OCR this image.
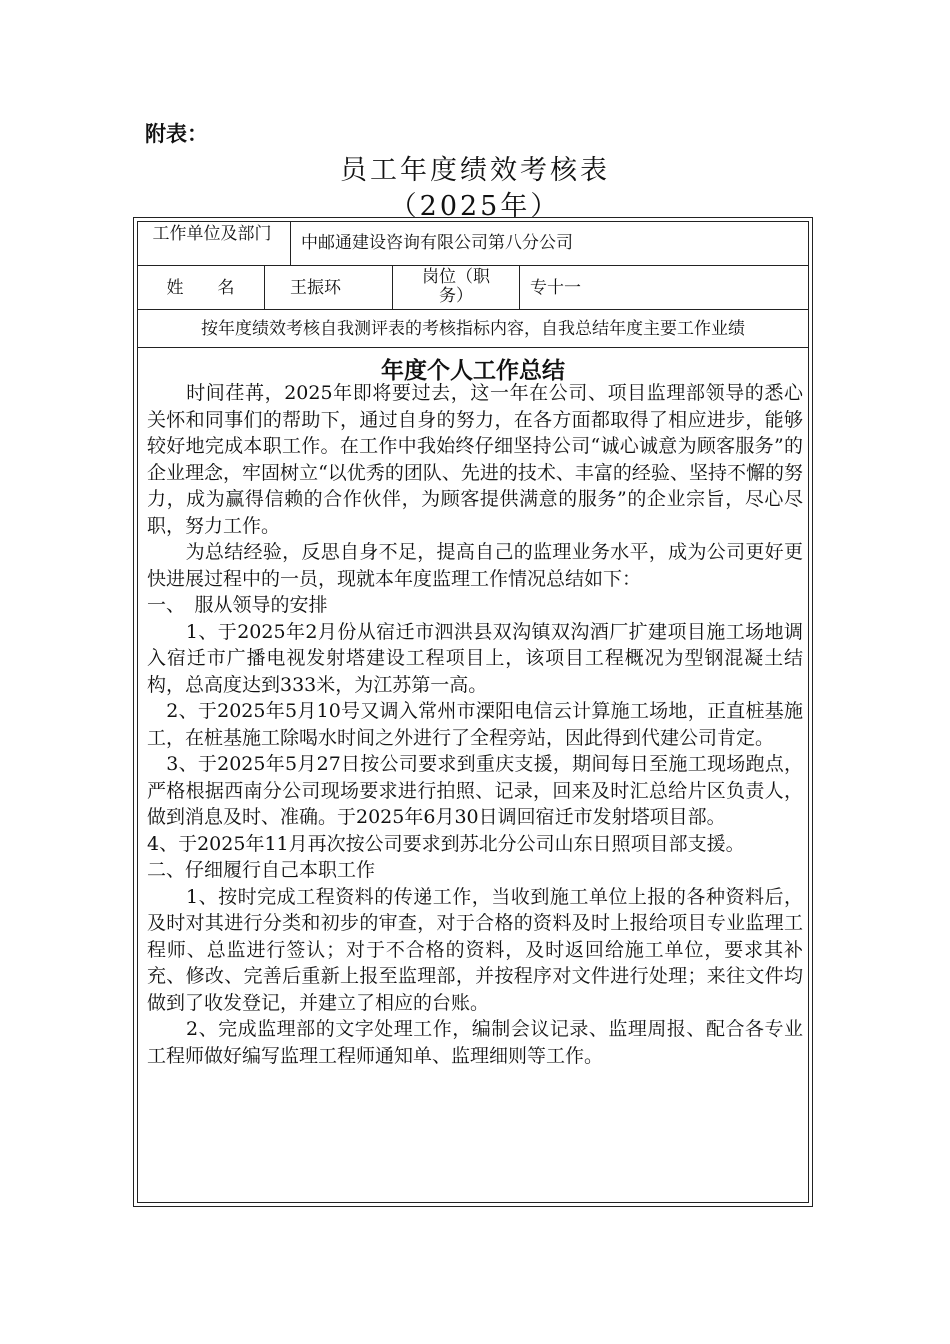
附表：
员工年度绩效考核表
（2025年）
工作单位及部门 中邮通建设咨询有限公司第八分公司
姓　　名	王振环
岗位（职务）	专十一
按年度绩效考核自我测评表的考核指标内容，自我总结年度主要工作业绩
年度个人工作总结

　　时间荏苒，2025年即将要过去，这一年在公司、项目监理部领导的悉心关怀和同事们的帮助下，通过自身的努力，在各方面都取得了相应进步，能够较好地完成本职工作。在工作中我始终仔细坚持公司“诚心诚意为顾客服务”的企业理念，牢固树立“以优秀的团队、先进的技术、丰富的经验、坚持不懈的努力，成为赢得信赖的合作伙伴，为顾客提供满意的服务”的企业宗旨，尽心尽职，努力工作。

　　为总结经验，反思自身不足，提高自己的监理业务水平，成为公司更好更快进展过程中的一员，现就本年度监理工作情况总结如下：

一、　服从领导的安排

　　1、于2025年2月份从宿迁市泗洪县双沟镇双沟酒厂扩建项目施工场地调入宿迁市广播电视发射塔建设工程项目上，该项目工程概况为型钢混凝土结构，总高度达到333米，为江苏第一高。

　2、于2025年5月10号又调入常州市溧阳电信云计算施工场地，正直桩基施工，在桩基施工除喝水时间之外进行了全程旁站，因此得到代建公司肯定。

　3、于2025年5月27日按公司要求到重庆支援，期间每日至施工现场跑点，严格根据西南分公司现场要求进行拍照、记录，回来及时汇总给片区负责人，做到消息及时、准确。于2025年6月30日调回宿迁市发射塔项目部。

4、于2025年11月再次按公司要求到苏北分公司山东日照项目部支援。

二、仔细履行自己本职工作

　　1、按时完成工程资料的传递工作，当收到施工单位上报的各种资料后，及时对其进行分类和初步的审查，对于合格的资料及时上报给项目专业监理工程师、总监进行签认；对于不合格的资料，及时返回给施工单位，要求其补充、修改、完善后重新上报至监理部，并按程序对文件进行处理；来往文件均做到了收发登记，并建立了相应的台账。

　　2、完成监理部的文字处理工作，编制会议记录、监理周报、配合各专业工程师做好编写监理工程师通知单、监理细则等工作。
